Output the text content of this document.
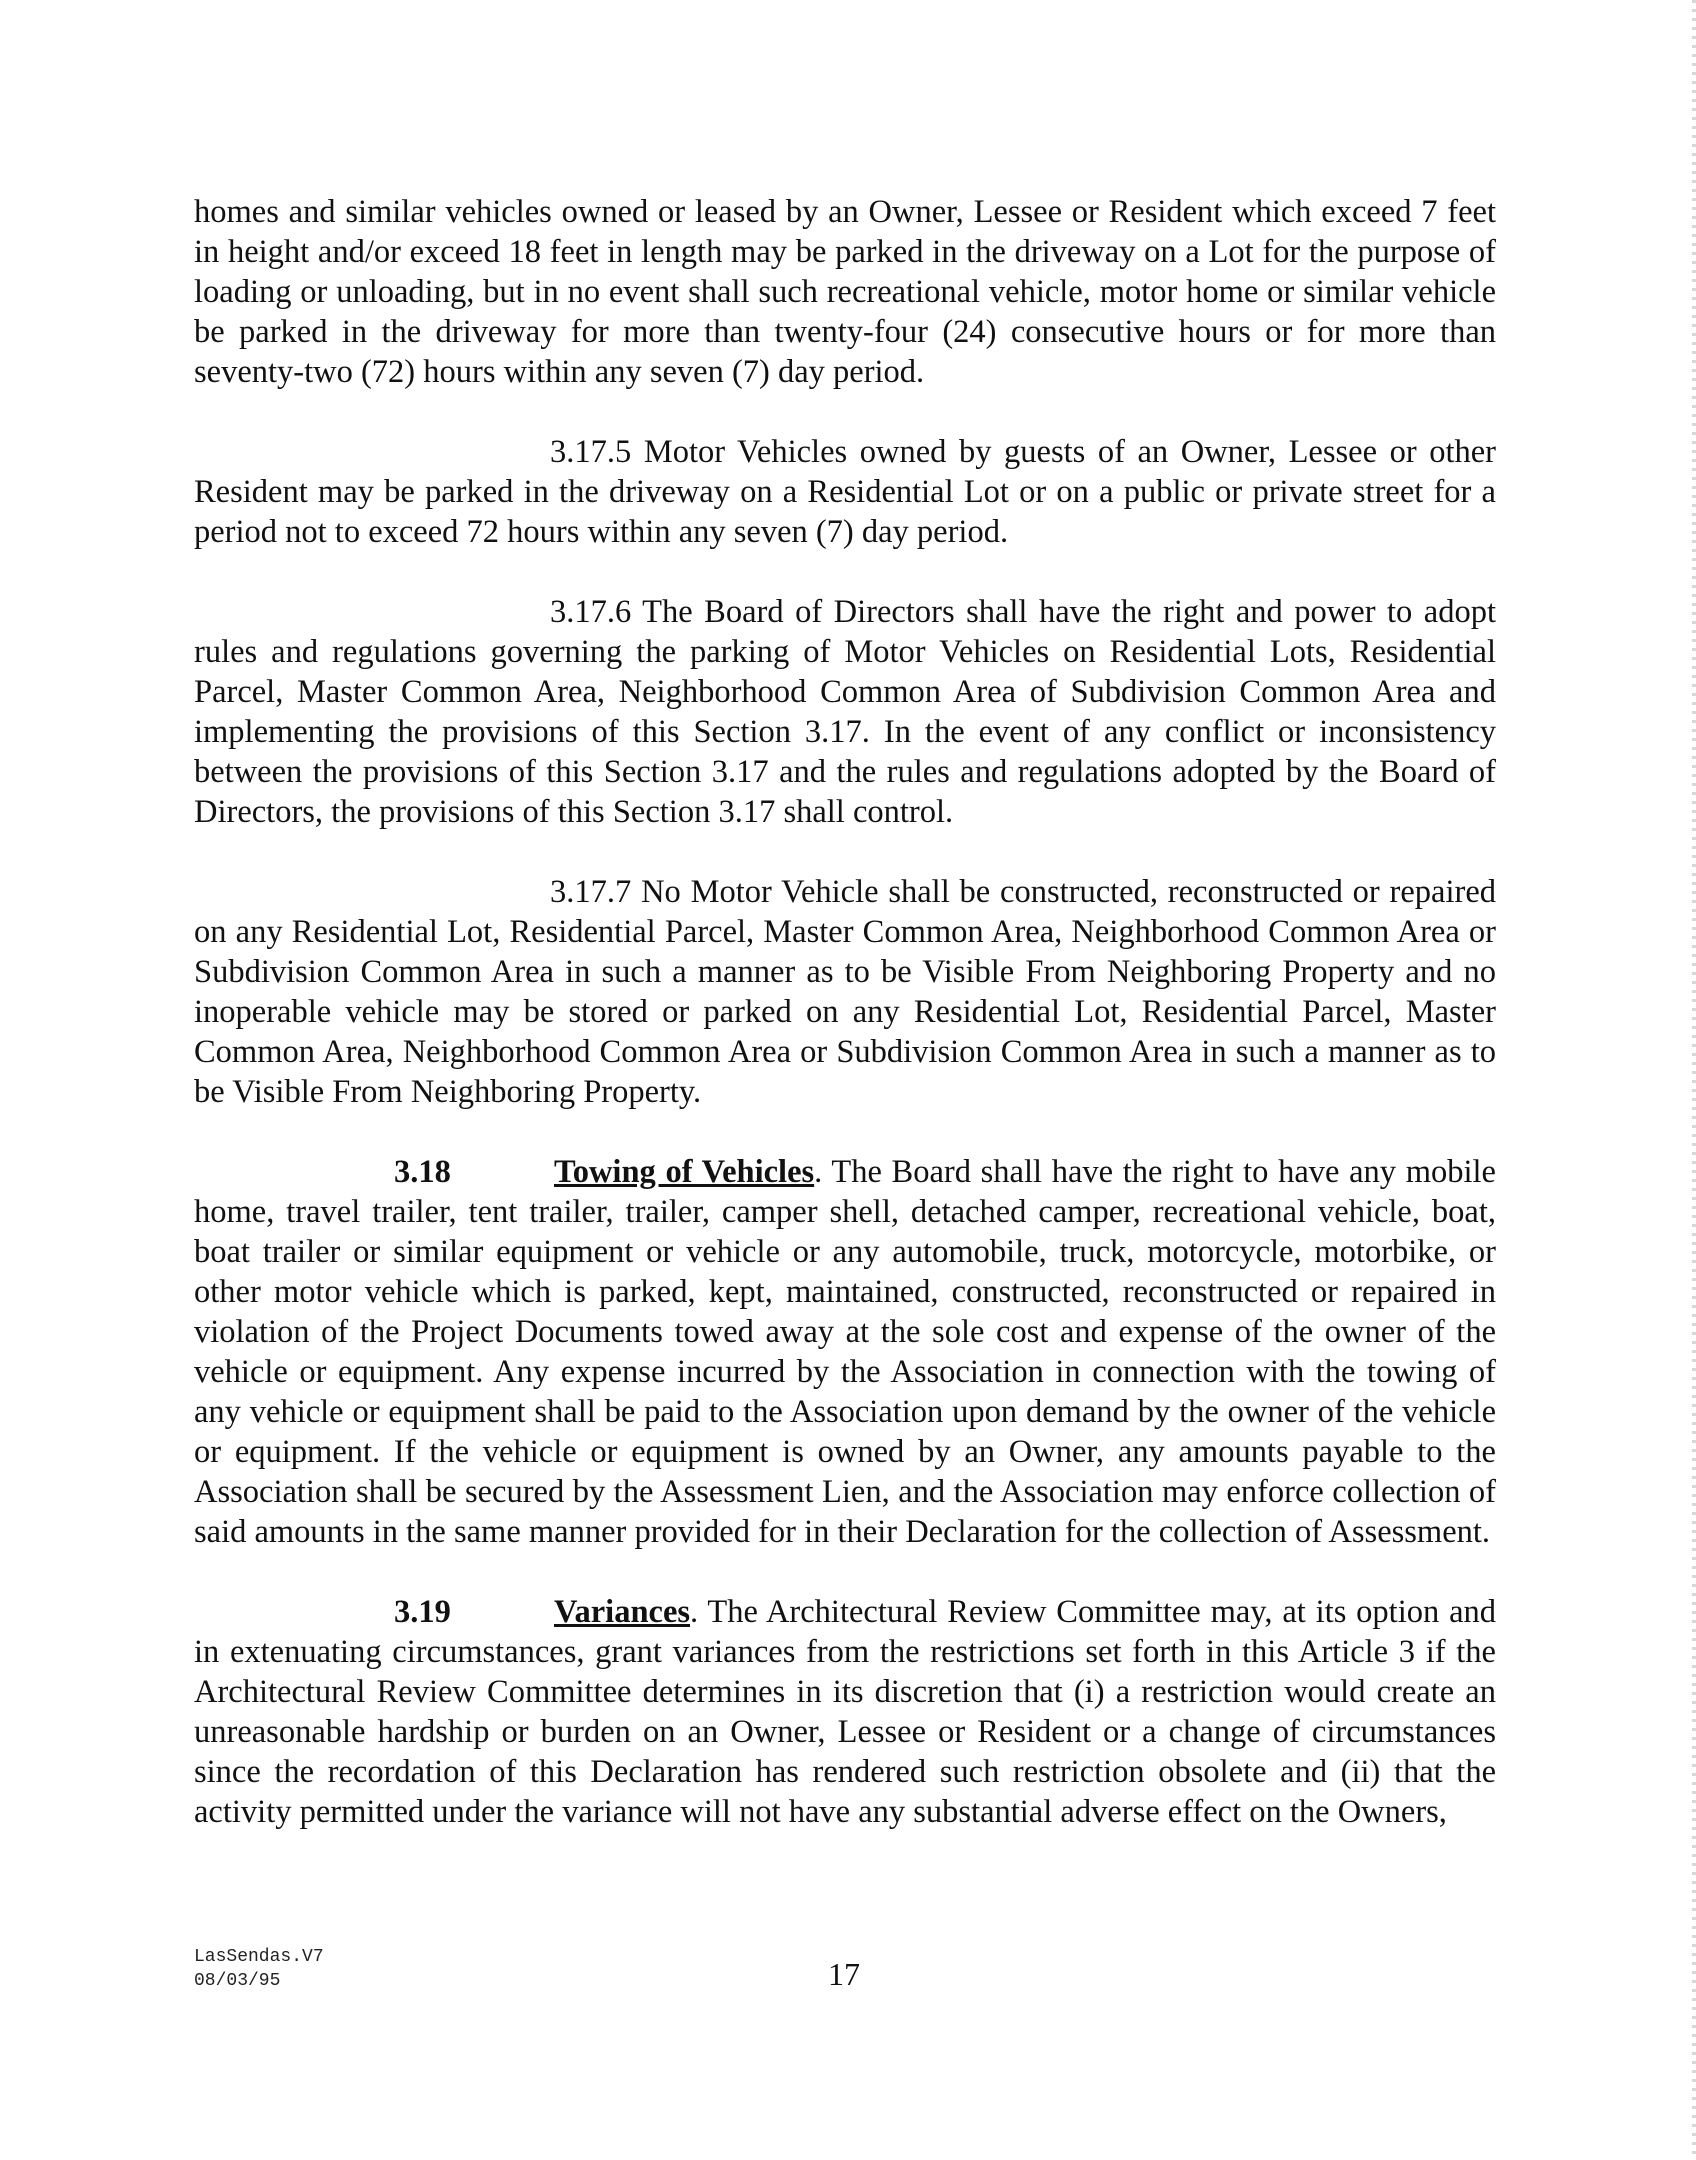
homes and similar vehicles owned or leased by an Owner, Lessee or Resident which exceed 7 feet in height and/or exceed 18 feet in length may be parked in the driveway on a Lot for the purpose of loading or unloading, but in no event shall such recreational vehicle, motor home or similar vehicle be parked in the driveway for more than twenty-four (24) consecutive hours or for more than seventy-two (72) hours within any seven (7) day period.

3.17.5 Motor Vehicles owned by guests of an Owner, Lessee or other Resident may be parked in the driveway on a Residential Lot or on a public or private street for a period not to exceed 72 hours within any seven (7) day period.

3.17.6 The Board of Directors shall have the right and power to adopt rules and regulations governing the parking of Motor Vehicles on Residential Lots, Residential Parcel, Master Common Area, Neighborhood Common Area of Subdivision Common Area and implementing the provisions of this Section 3.17. In the event of any conflict or inconsistency between the provisions of this Section 3.17 and the rules and regulations adopted by the Board of Directors, the provisions of this Section 3.17 shall control.

3.17.7 No Motor Vehicle shall be constructed, reconstructed or repaired on any Residential Lot, Residential Parcel, Master Common Area, Neighborhood Common Area or Subdivision Common Area in such a manner as to be Visible From Neighboring Property and no inoperable vehicle may be stored or parked on any Residential Lot, Residential Parcel, Master Common Area, Neighborhood Common Area or Subdivision Common Area in such a manner as to be Visible From Neighboring Property.

3.18	Towing of Vehicles. The Board shall have the right to have any mobile home, travel trailer, tent trailer, trailer, camper shell, detached camper, recreational vehicle, boat, boat trailer or similar equipment or vehicle or any automobile, truck, motorcycle, motorbike, or other motor vehicle which is parked, kept, maintained, constructed, reconstructed or repaired in violation of the Project Documents towed away at the sole cost and expense of the owner of the vehicle or equipment. Any expense incurred by the Association in connection with the towing of any vehicle or equipment shall be paid to the Association upon demand by the owner of the vehicle or equipment. If the vehicle or equipment is owned by an Owner, any amounts payable to the Association shall be secured by the Assessment Lien, and the Association may enforce collection of said amounts in the same manner provided for in their Declaration for the collection of Assessment.

3.19	Variances. The Architectural Review Committee may, at its option and in extenuating circumstances, grant variances from the restrictions set forth in this Article 3 if the Architectural Review Committee determines in its discretion that (i) a restriction would create an unreasonable hardship or burden on an Owner, Lessee or Resident or a change of circumstances since the recordation of this Declaration has rendered such restriction obsolete and (ii) that the activity permitted under the variance will not have any substantial adverse effect on the Owners,

LasSendas.V7
08/03/95	17
